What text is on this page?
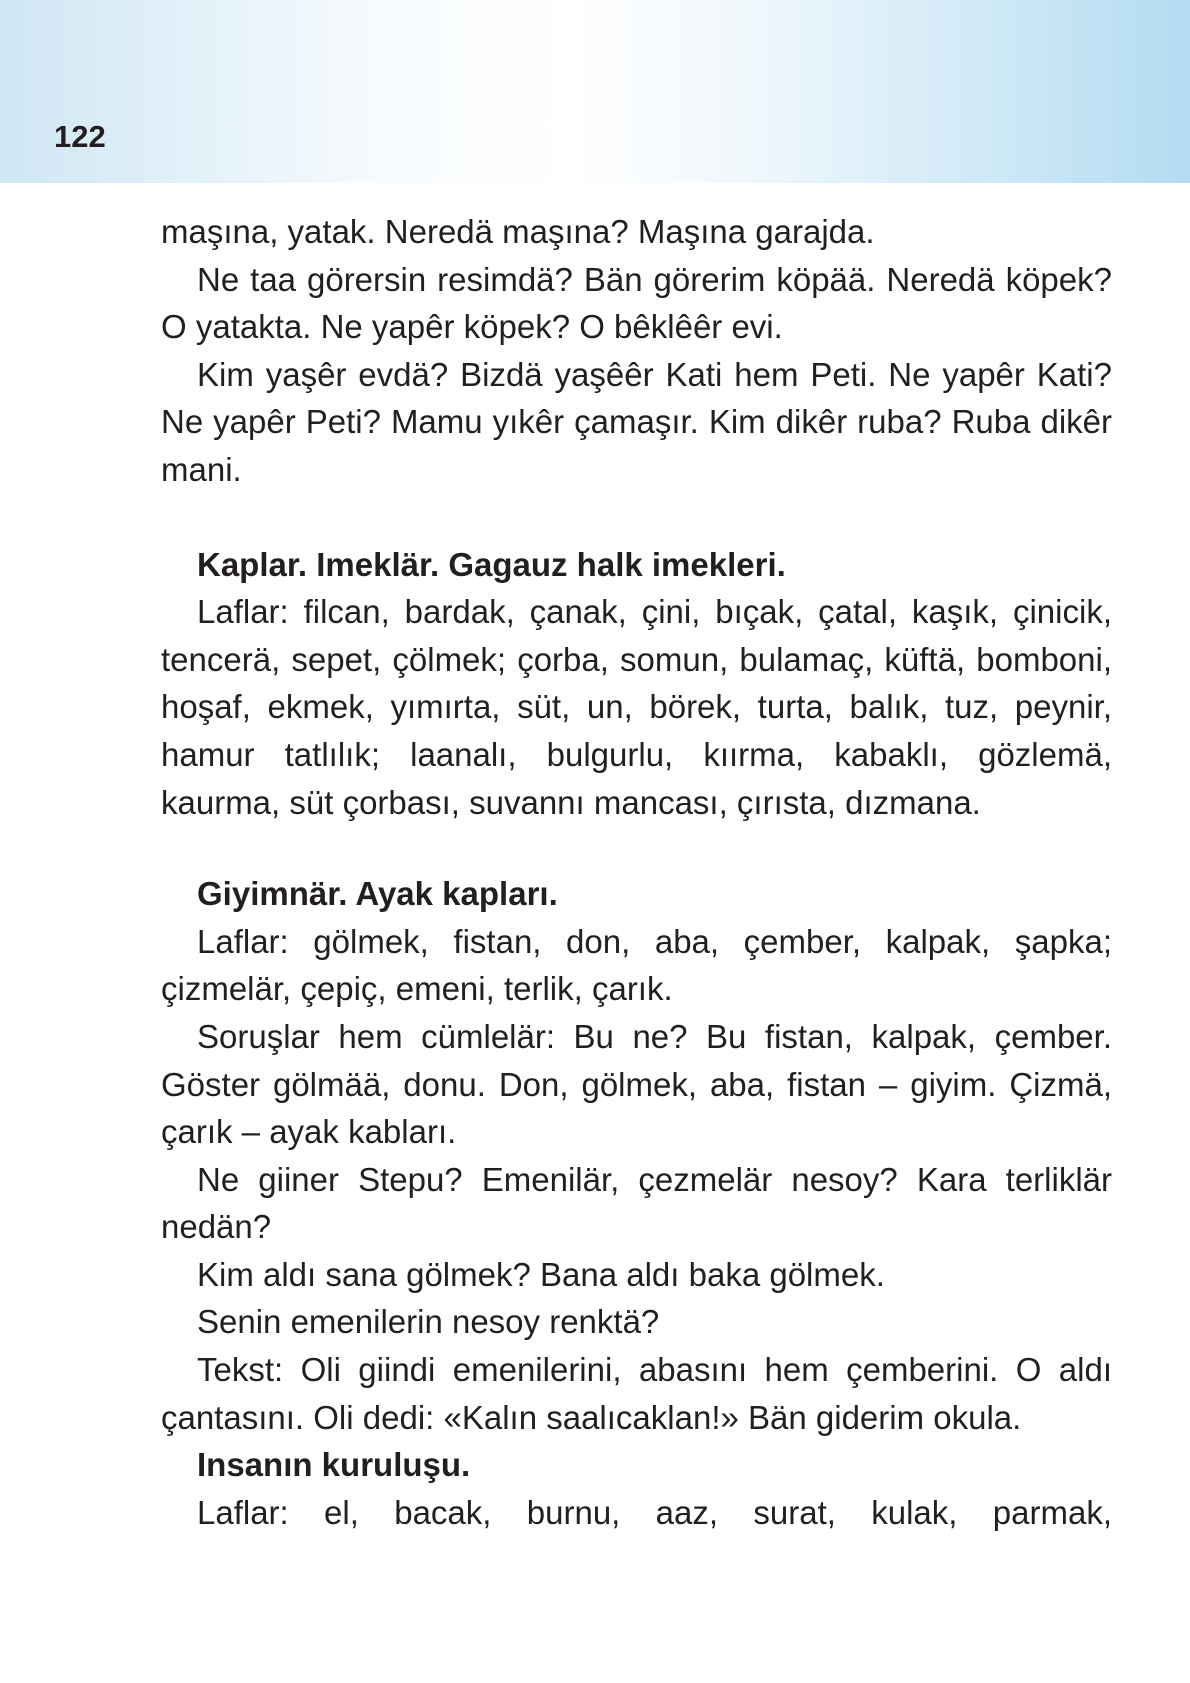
122

maşına, yatak. Neredä maşına? Maşına garajda.

Ne taa görersin resimdä? Bän görerim köpää. Neredä köpek? O yatakta. Ne yapêr köpek? O bêklêêr evi.

Kim yaşêr evdä? Bizdä yaşêêr Kati hem Peti. Ne yapêr Kati? Ne yapêr Peti? Mamu yıkêr çamaşır. Kim dikêr ruba? Ruba dikêr mani.

Kaplar. Imeklär. Gagauz halk imekleri.

Laflar: filcan, bardak, çanak, çini, bıçak, çatal, kaşık, çinicik, tencerä, sepet, çölmek; çorba, somun, bulamaç, küftä, bomboni, hoşaf, ekmek, yımırta, süt, un, börek, turta, balık, tuz, peynir, hamur tatlılık; laanalı, bulgurlu, kıırma, kabaklı, gözlemä, kaurma, süt çorbası, suvannı mancası, çırısta, dızmana.

Giyimnär. Ayak kapları.

Laflar: gölmek, fistan, don, aba, çember, kalpak, şapka; çizmelär, çepiç, emeni, terlik, çarık.

Soruşlar hem cümlelär: Bu ne? Bu fistan, kalpak, çember. Göster gölmää, donu. Don, gölmek, aba, fistan – giyim. Çizmä, çarık – ayak kabları.

Ne giiner Stepu? Emenilär, çezmelär nesoy? Kara terliklär nedän?

Kim aldı sana gölmek? Bana aldı baka gölmek.

Senin emenilerin nesoy renktä?

Tekst: Oli giindi emenilerini, abasını hem çemberini. O aldı çantasını. Oli dedi: «Kalın saalıcaklan!» Bän giderim okula.

Insanın kuruluşu.

Laflar: el, bacak, burnu, aaz, surat, kulak, parmak,
